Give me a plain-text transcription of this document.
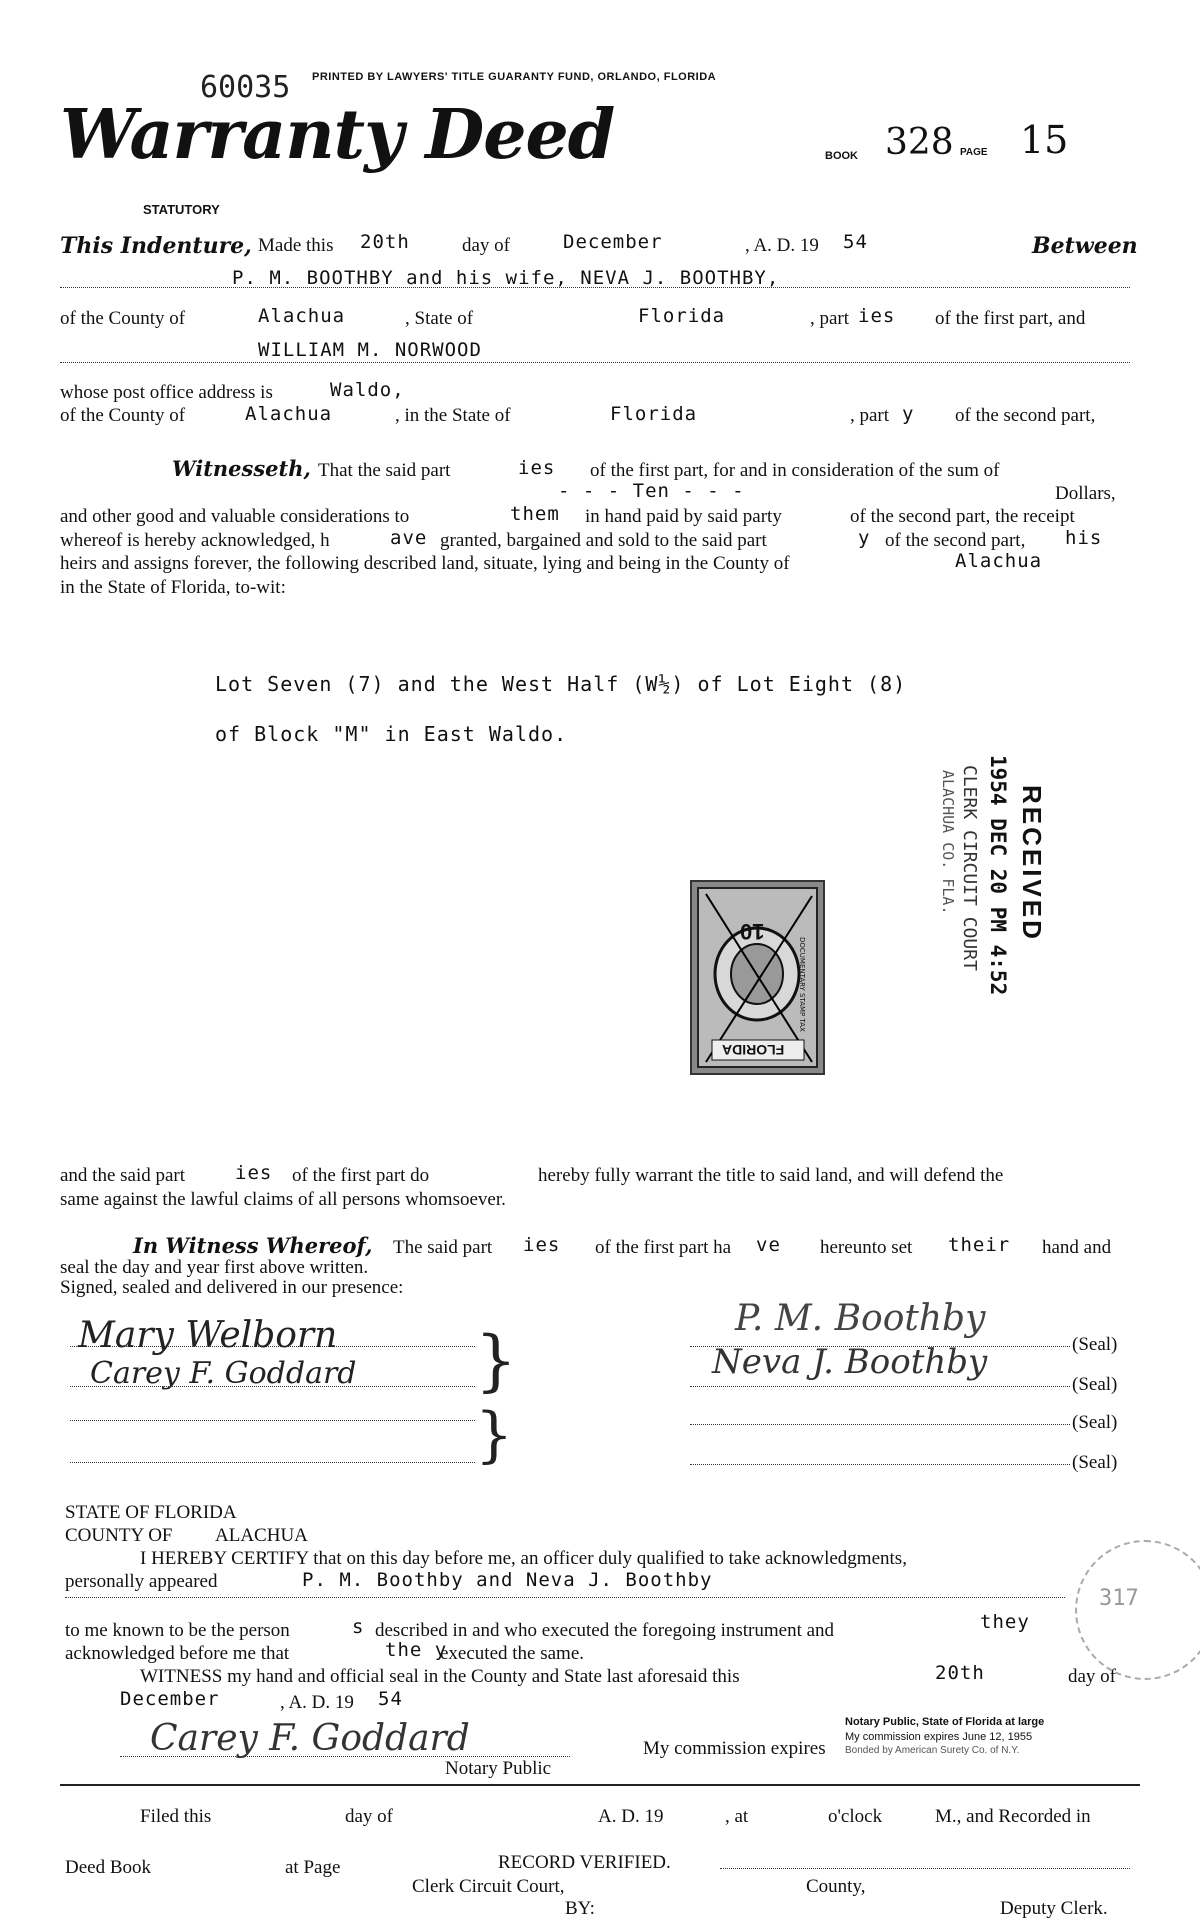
60035 PRINTED BY LAWYERS' TITLE GUARANTY FUND, ORLANDO, FLORIDA
Warranty Deed
STATUTORY
BOOK 328 PAGE 15
This Indenture, Made this 20th	day of	December	, A. D. 19 54	Between
P. M. BOOTHBY and his wife, NEVA J. BOOTHBY,
of the County of	Alachua	, State of	Florida	, part ies of the first part, and
WILLIAM M. NORWOOD
whose post office address is	Waldo,
of the County of	Alachua	, in the State of	Florida	, part y of the second part,
Witnesseth, That the said part	ies of the first part, for and in consideration of the sum of
- - - Ten - - -	Dollars,
and other good and valuable considerations to	them in hand paid by said party	of the second part, the receipt
whereof is hereby acknowledged, h	ave granted, bargained and sold to the said part	y of the second part, his
heirs and assigns forever, the following described land, situate, lying and being in the County of	Alachua
in the State of Florida, to-wit:
Lot Seven (7) and the West Half (W½) of Lot Eight (8)
of Block "M" in East Waldo.
RECEIVED
1954 DEC 20 PM 4:52
CLERK CIRCUIT COURT
ALACHUA CO. FLA.
FLORIDA
10
DOCUMENTARY STAMP TAX
and the said part	ies of the first part do	hereby fully warrant the title to said land, and will defend the
same against the lawful claims of all persons whomsoever.
In Witness Whereof, The said part ies of the first part ha ve hereunto set their hand and
seal the day and year first above written.
Signed, sealed and delivered in our presence:
}
}
Mary Welborn
Carey F. Goddard
P. M. Boothby
Neva J. Boothby	(Seal)
(Seal)
(Seal)
(Seal)
STATE OF FLORIDA
COUNTY OF ALACHUA
I HEREBY CERTIFY that on this day before me, an officer duly qualified to take acknowledgments,
personally appeared	P. M. Boothby and Neva J. Boothby
to me known to be the person	s described in and who executed the foregoing instrument and	they
acknowledged before me that	the y
executed the same.
WITNESS my hand and official seal in the County and State last aforesaid this	20th	day of
December	, A. D. 19 54
317
Carey F. Goddard
Notary Public
My commission expires
Notary Public, State of Florida at large
My commission expires June 12, 1955
Bonded by American Surety Co. of N.Y.
Filed this	day of	A. D. 19	, at	o'clock	M., and Recorded in
Deed Book	at Page	RECORD VERIFIED.
Clerk Circuit Court,	County,
BY:	Deputy Clerk.
